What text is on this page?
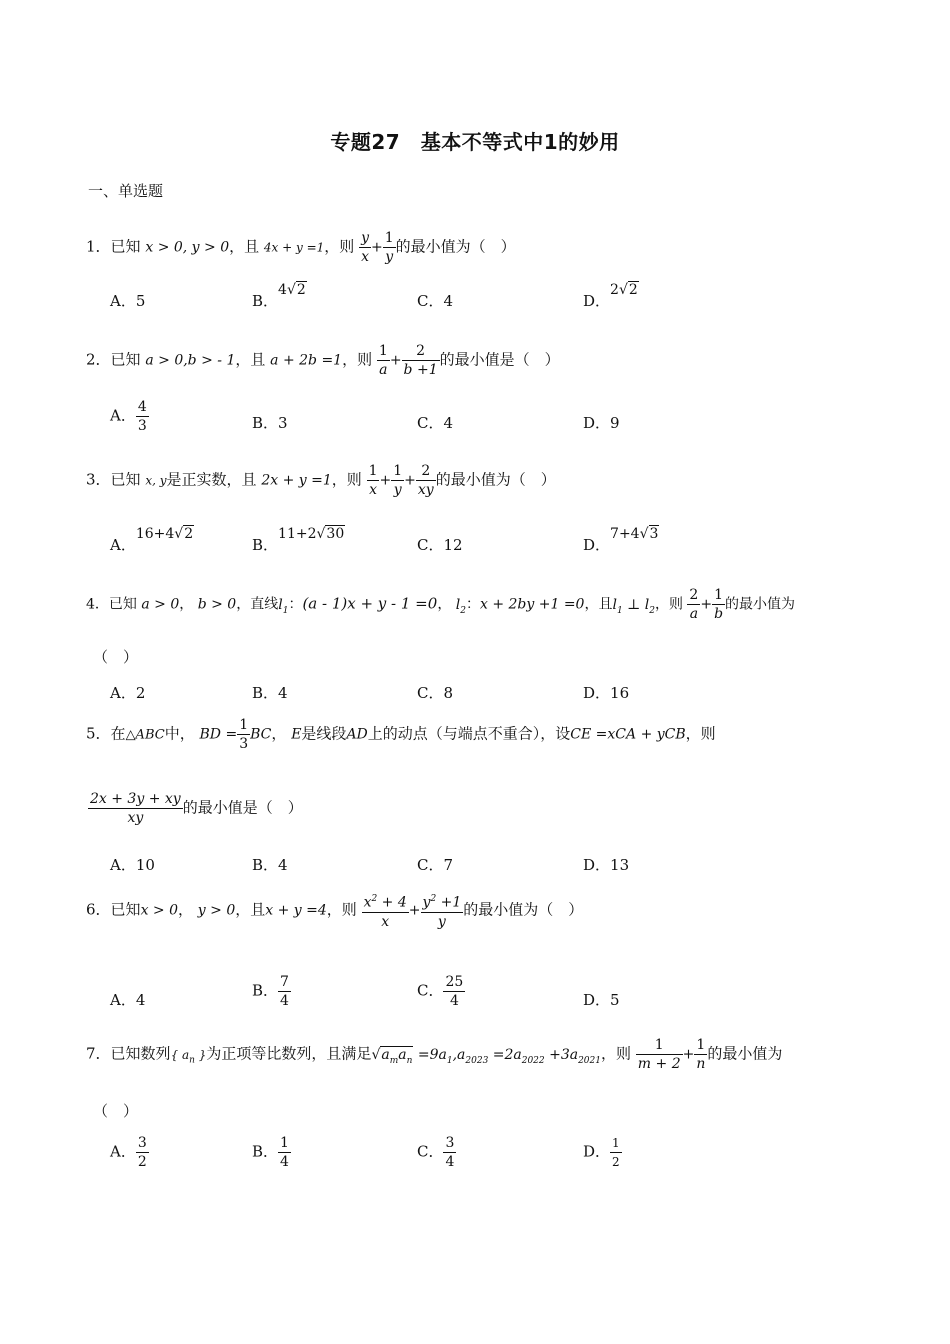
专题27　基本不等式中1的妙用
一、单选题
1．已知 x > 0, y > 0，且 4x + y =1，则 $\frac{y}{x} + \frac{1}{y}$ 的最小值为（　）
A．5	B．4√2
C．4	D．2√2
2．已知 a > 0,b > - 1，且 a + 2b =1，则 $\frac{1}{a} + \frac{2}{b +1}$ 的最小值是（　）
A． $\frac{4}{3}$	B．3	C．4	D．9
3．已知 x, y是正实数，且 2x + y =1，则 $\frac{1}{x} + \frac{1}{y} + \frac{2}{xy}$ 的最小值为（　）
A．16+4√2
B．11+2√30
C．12	D．7+4√3
4．已知 a > 0， b > 0，直线$l_1$：(a - 1)x + y - 1 =0， $l_2$：x + 2by +1 =0，且$l_1$ ⊥ $l_2$，则 $\frac{2}{a} + \frac{1}{b}$ 的最小值为
（　）
A．2	B．4	C．8	D．16
5．在△ABC中， BD = $\frac{1}{3}$ BC， E是线段AD上的动点（与端点不重合），设CE =xCA + yCB，则
$\frac{2x + 3y + xy}{xy}$ 的最小值是（　）
A．10	B．4	C．7	D．13
6．已知x > 0， y > 0，且x + y =4，则 $\frac{x^2 + 4}{x} + \frac{y^2 +1}{y}$ 的最小值为（　）
A．4
B． $\frac{7}{4}$	C． $\frac{25}{4}$	D．5
7．已知数列{ $a_n$ }为正项等比数列，且满足$√a_ma_n =9a_1,a_{2023} =2a_{2022} +3a_{2021}$，则 $\frac{1}{m + 2} + \frac{1}{n}$ 的最小值为
（　）
A． $\frac{3}{2}$	B． $\frac{1}{4}$	C． $\frac{3}{4}$	D． $\frac{1}{2}$
